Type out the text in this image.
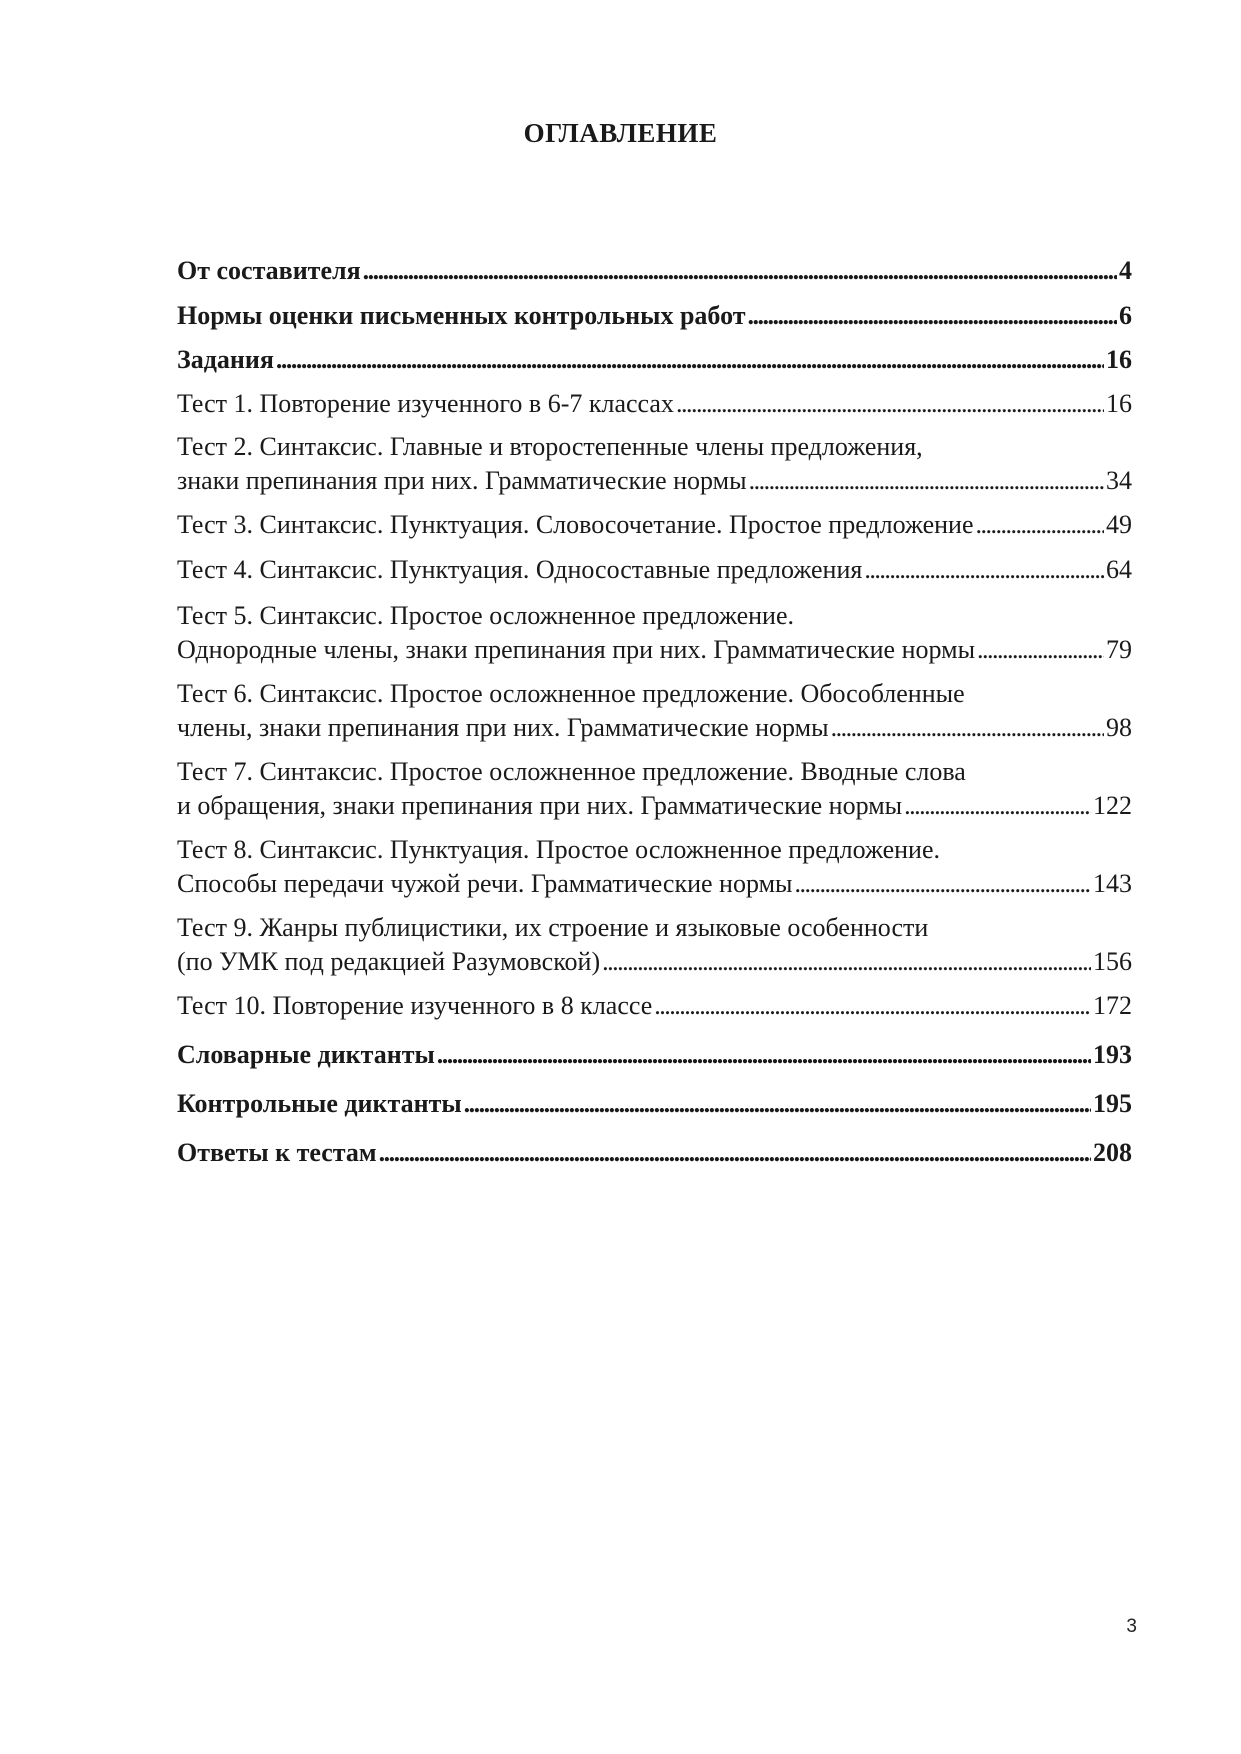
ОГЛАВЛЕНИЕ
От составителя . . .	4
Нормы оценки письменных контрольных работ . . .	6
Задания . . .	16
Тест 1. Повторение изученного в 6-7 классах . . .	16
Тест 2. Синтаксис. Главные и второстепенные члены предложения,
знаки препинания при них. Грамматические нормы . . .	34
Тест 3. Синтаксис. Пунктуация. Словосочетание. Простое предложение . . .	49
Тест 4. Синтаксис. Пунктуация. Односоставные предложения . . .	64
Тест 5. Синтаксис. Простое осложненное предложение.
Однородные члены, знаки препинания при них. Грамматические нормы . . .	79
Тест 6. Синтаксис. Простое осложненное предложение. Обособленные
члены, знаки препинания при них. Грамматические нормы . . .	98
Тест 7. Синтаксис. Простое осложненное предложение. Вводные слова
и обращения, знаки препинания при них. Грамматические нормы . . .	122
Тест 8. Синтаксис. Пунктуация. Простое осложненное предложение.
Способы передачи чужой речи. Грамматические нормы . . .	143
Тест 9. Жанры публицистики, их строение и языковые особенности
(по УМК под редакцией Разумовской) . . .	156
Тест 10. Повторение изученного в 8 классе . . .	172
Словарные диктанты . . .	193
Контрольные диктанты . . .	195
Ответы к тестам . . .	208
3
